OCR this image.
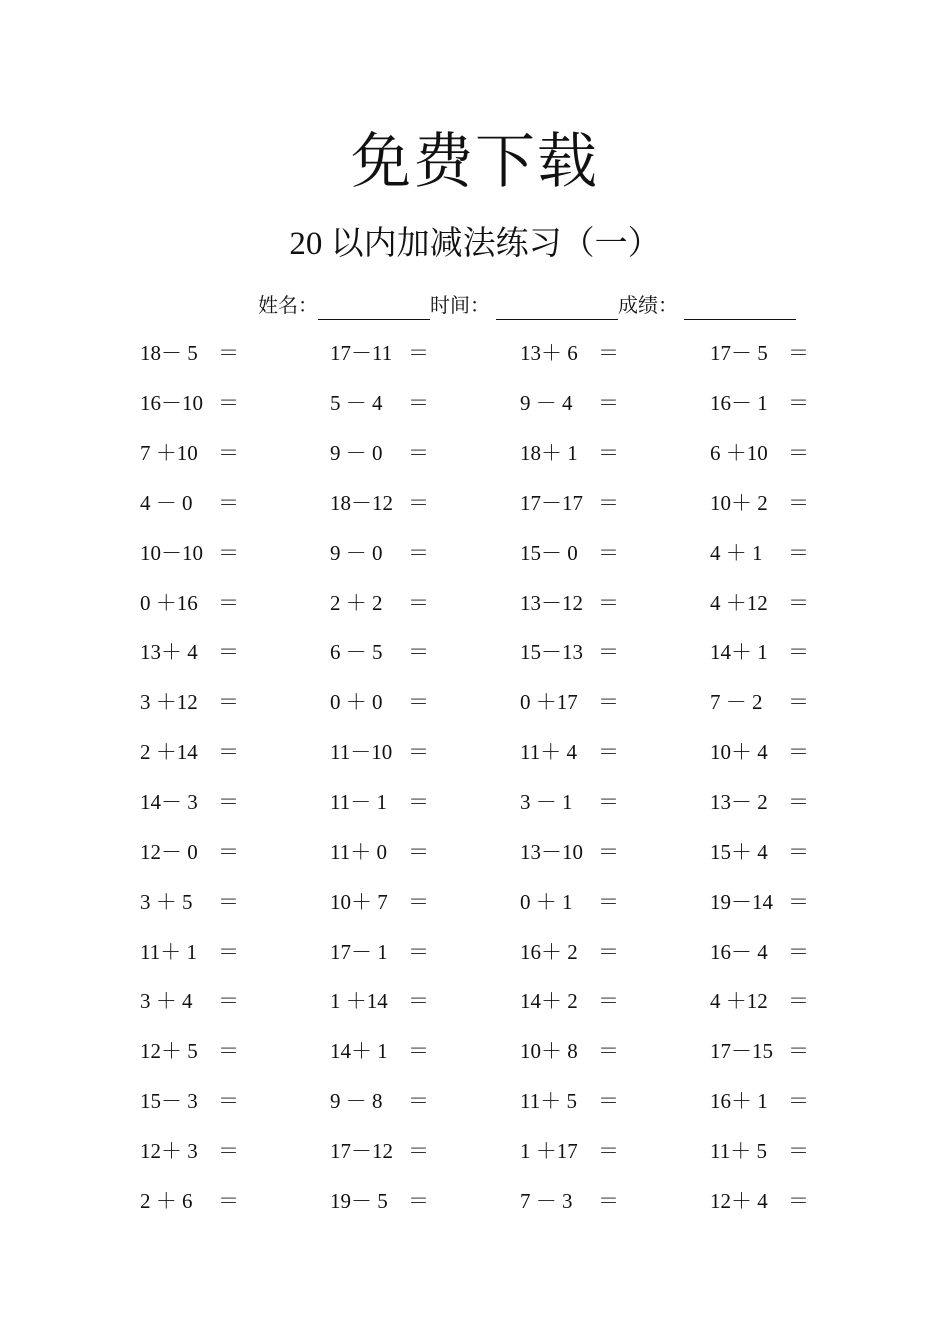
免费下载
20 以内加减法练习（一）
姓名：	时间：	成绩：
18－ 5 ＝	17－11 ＝	13＋ 6 ＝	17－ 5 ＝
16－10 ＝	5 － 4	＝	9 － 4	＝	16－ 1 ＝
7 ＋10 ＝	9 － 0	＝	18＋ 1 ＝	6 ＋10 ＝
4 － 0	＝	18－12 ＝	17－17 ＝	10＋ 2 ＝
10－10 ＝	9 － 0	＝	15－ 0 ＝	4 ＋ 1	＝
0 ＋16 ＝	2 ＋ 2	＝	13－12 ＝	4 ＋12 ＝
13＋ 4 ＝	6 － 5	＝	15－13 ＝	14＋ 1 ＝
3 ＋12 ＝	0 ＋ 0	＝	0 ＋17 ＝	7 － 2	＝
2 ＋14 ＝	11－10 ＝	11＋ 4	＝	10＋ 4 ＝
14－ 3 ＝	11－ 1	＝	3 － 1	＝	13－ 2 ＝
12－ 0 ＝	11＋ 0	＝	13－10 ＝	15＋ 4 ＝
3 ＋ 5	＝	10＋ 7 ＝	0 ＋ 1	＝	19－14 ＝
11＋ 1	＝	17－ 1 ＝	16＋ 2 ＝	16－ 4 ＝
3 ＋ 4	＝	1 ＋14 ＝	14＋ 2 ＝	4 ＋12 ＝
12＋ 5 ＝	14＋ 1 ＝	10＋ 8 ＝	17－15 ＝
15－ 3 ＝	9 － 8	＝	11＋ 5	＝	16＋ 1 ＝
12＋ 3 ＝	17－12 ＝	1 ＋17 ＝	11＋ 5	＝
2 ＋ 6	＝	19－ 5 ＝	7 － 3	＝	12＋ 4 ＝
